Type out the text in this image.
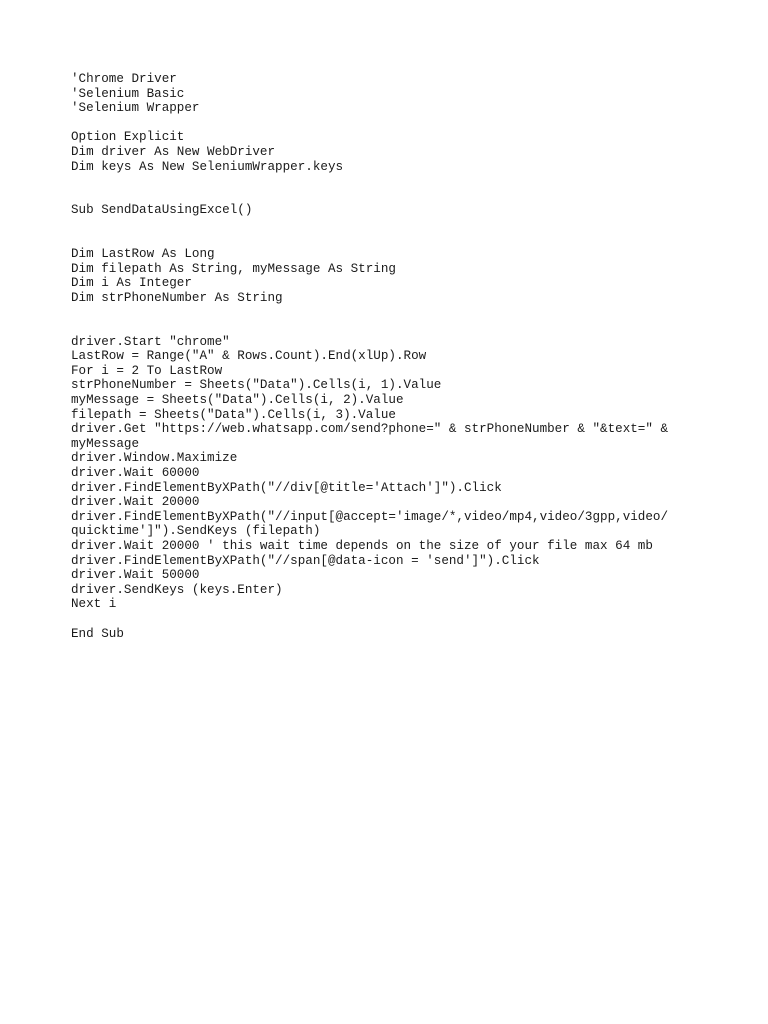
'Chrome Driver
'Selenium Basic
'Selenium Wrapper
Option Explicit
Dim driver As New WebDriver
Dim keys As New SeleniumWrapper.keys
Sub SendDataUsingExcel()
Dim LastRow As Long
Dim filepath As String, myMessage As String
Dim i As Integer
Dim strPhoneNumber As String
driver.Start "chrome"
LastRow = Range("A" & Rows.Count).End(xlUp).Row
For i = 2 To LastRow
strPhoneNumber = Sheets("Data").Cells(i, 1).Value
myMessage = Sheets("Data").Cells(i, 2).Value
filepath = Sheets("Data").Cells(i, 3).Value
driver.Get "https://web.whatsapp.com/send?phone=" & strPhoneNumber & "&text=" &
myMessage
driver.Window.Maximize
driver.Wait 60000
driver.FindElementByXPath("//div[@title='Attach']").Click
driver.Wait 20000
driver.FindElementByXPath("//input[@accept='image/*,video/mp4,video/3gpp,video/
quicktime']").SendKeys (filepath)
driver.Wait 20000 ' this wait time depends on the size of your file max 64 mb
driver.FindElementByXPath("//span[@data-icon = 'send']").Click
driver.Wait 50000
driver.SendKeys (keys.Enter)
Next i
End Sub
